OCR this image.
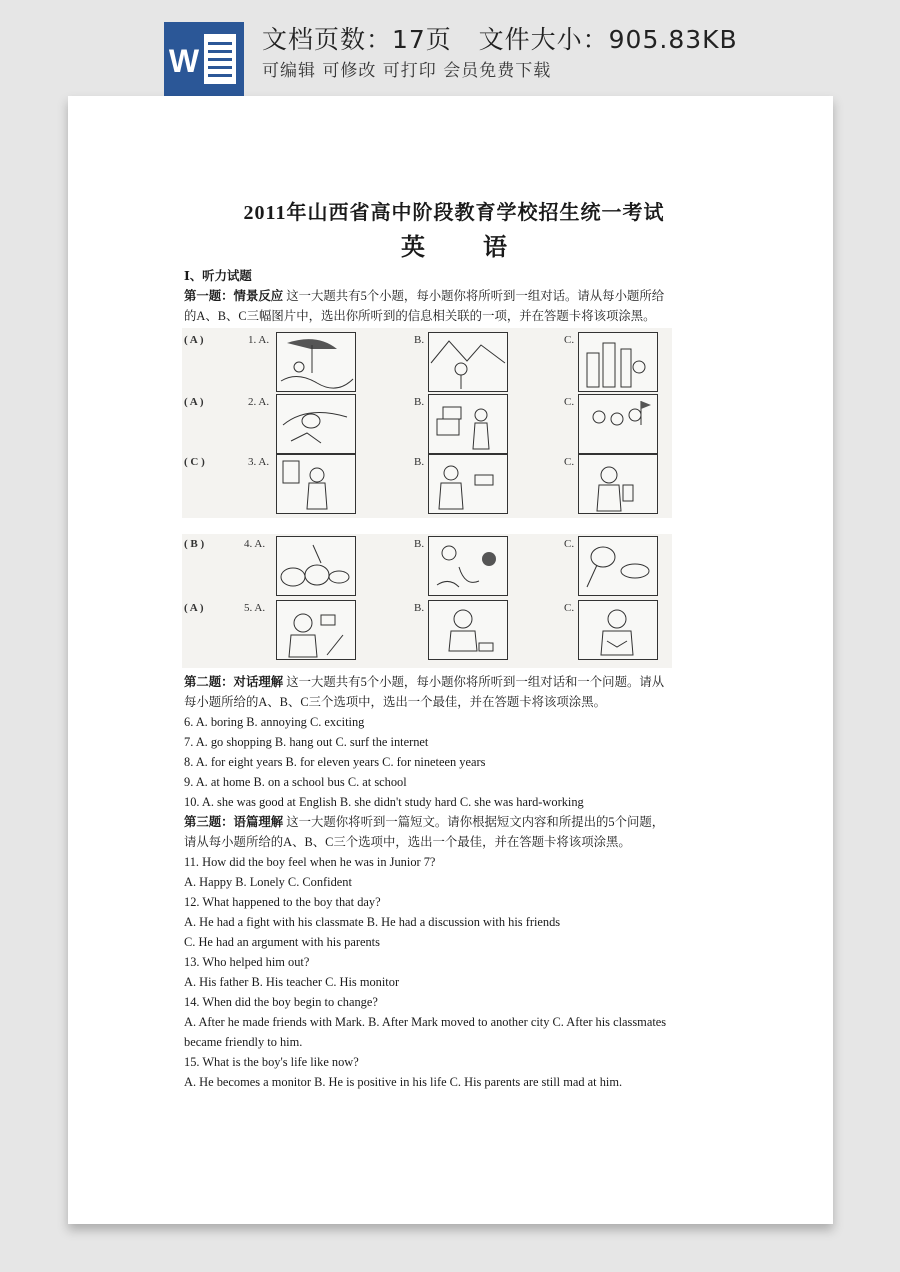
W
文档页数：17页   文件大小：905.83KB
可编辑 可修改 可打印 会员免费下载
2011年山西省高中阶段教育学校招生统一考试
英 语
Ⅰ、听力试题
第一题：情景反应 这一大题共有5个小题，每小题你将所听到一组对话。请从每小题所给
的A、B、C三幅图片中，选出你所听到的信息相关联的一项，并在答题卡将该项涂黑。
( A )	1. A.	B.	C.
( A )	2. A.	B.	C.
( C )	3. A.	B.	C.
( B )	4. A.	B.	C.
( A )	5. A.	B.	C.
第二题：对话理解 这一大题共有5个小题，每小题你将所听到一组对话和一个问题。请从
每小题所给的A、B、C三个选项中，选出一个最佳，并在答题卡将该项涂黑。
6. A. boring B. annoying C. exciting
7. A. go shopping B. hang out C. surf the internet
8. A. for eight years B. for eleven years C. for nineteen years
9. A. at home B. on a school bus C. at school
10. A. she was good at English B. she didn't study hard C. she was hard-working
第三题：语篇理解 这一大题你将听到一篇短文。请你根据短文内容和所提出的5个问题，
请从每小题所给的A、B、C三个选项中，选出一个最佳，并在答题卡将该项涂黑。
11. How did the boy feel when he was in Junior 7?
A. Happy B. Lonely C. Confident
12. What happened to the boy that day?
A. He had a fight with his classmate B. He had a discussion with his friends
C. He had an argument with his parents
13. Who helped him out?
A. His father B. His teacher C. His monitor
14. When did the boy begin to change?
A. After he made friends with Mark. B. After Mark moved to another city C. After his classmates
became friendly to him.
15. What is the boy's life like now?
A. He becomes a monitor B. He is positive in his life C. His parents are still mad at him.
